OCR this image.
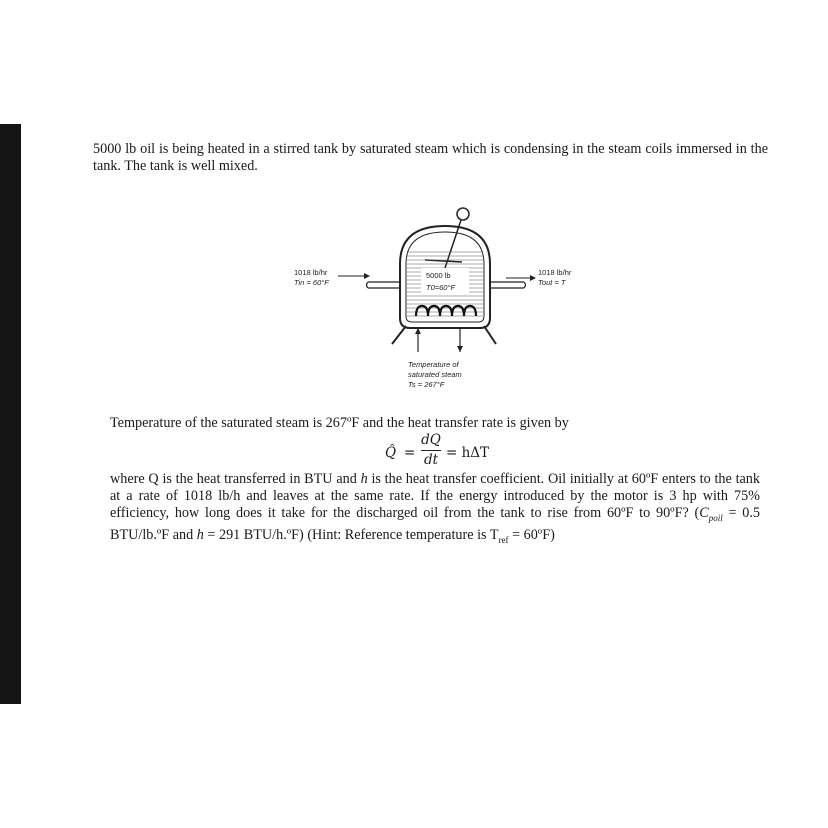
5000 lb oil is being heated in a stirred tank by saturated steam which is condensing in the steam coils immersed in the tank. The tank is well mixed.

5000 lb
T0=60°F
1018 lb/hr
Tin = 60°F
1018 lb/hr
Tout = T
Temperature of
saturated steam
Ts = 267°F

Temperature of the saturated steam is 267ºF and the heat transfer rate is given by

Q̂ =
dQ
dt = hΔT

where Q is the heat transferred in BTU and h is the heat transfer coefficient. Oil initially at 60ºF enters to the tank at a rate of 1018 lb/h and leaves at the same rate. If the energy introduced by the motor is 3 hp with 75% efficiency, how long does it take for the discharged oil from the tank to rise from 60ºF to 90ºF? ($C_{poil} = 0.5$ BTU/lb.ºF and h = 291 BTU/h.ºF) (Hint: Reference temperature is $T_{ref}$ = 60ºF)
